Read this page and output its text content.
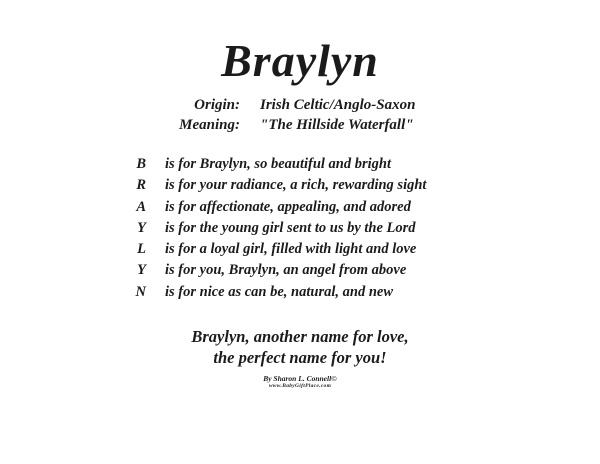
Braylyn
Origin: Irish Celtic/Anglo-Saxon
Meaning: "The Hillside Waterfall"
B is for Braylyn, so beautiful and bright
R is for your radiance, a rich, rewarding sight
A is for affectionate, appealing, and adored
Y is for the young girl sent to us by the Lord
L is for a loyal girl, filled with light and love
Y is for you, Braylyn, an angel from above
N is for nice as can be, natural, and new
Braylyn, another name for love,
the perfect name for you!
By Sharon L. Connell©
www.BabyGiftPlace.com
